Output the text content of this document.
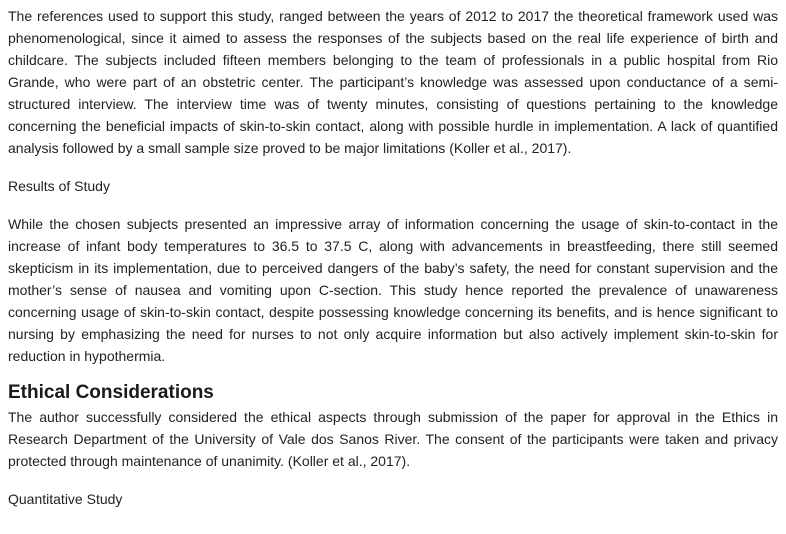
The references used to support this study, ranged between the years of 2012 to 2017 the theoretical framework used was phenomenological, since it aimed to assess the responses of the subjects based on the real life experience of birth and childcare. The subjects included fifteen members belonging to the team of professionals in a public hospital from Rio Grande, who were part of an obstetric center. The participant’s knowledge was assessed upon conductance of a semi-structured interview. The interview time was of twenty minutes, consisting of questions pertaining to the knowledge concerning the beneficial impacts of skin-to-skin contact, along with possible hurdle in implementation. A lack of quantified analysis followed by a small sample size proved to be major limitations (Koller et al., 2017).

Results of Study

While the chosen subjects presented an impressive array of information concerning the usage of skin-to-contact in the increase of infant body temperatures to 36.5 to 37.5 C, along with advancements in breastfeeding, there still seemed skepticism in its implementation, due to perceived dangers of the baby’s safety, the need for constant supervision and the mother’s sense of nausea and vomiting upon C-section. This study hence reported the prevalence of unawareness concerning usage of skin-to-skin contact, despite possessing knowledge concerning its benefits, and is hence significant to nursing by emphasizing the need for nurses to not only acquire information but also actively implement skin-to-skin for reduction in hypothermia.

Ethical Considerations

The author successfully considered the ethical aspects through submission of the paper for approval in the Ethics in Research Department of the University of Vale dos Sanos River. The consent of the participants were taken and privacy protected through maintenance of unanimity. (Koller et al., 2017).

Quantitative Study
